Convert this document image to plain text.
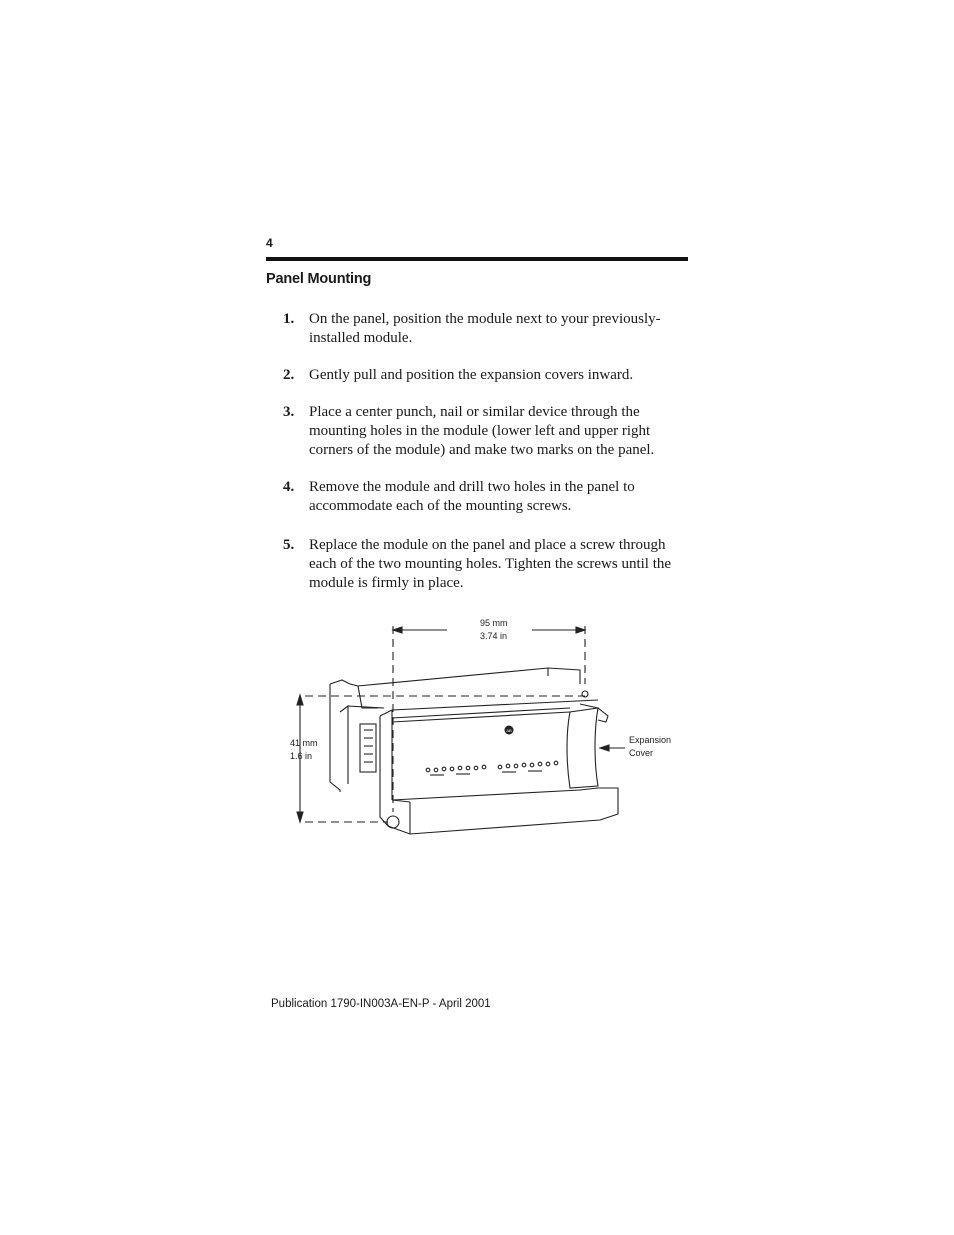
4
Panel Mounting
1. On the panel, position the module next to your previously-installed module.
2. Gently pull and position the expansion covers inward.
3. Place a center punch, nail or similar device through the mounting holes in the module (lower left and upper right corners of the module) and make two marks on the panel.
4. Remove the module and drill two holes in the panel to accommodate each of the mounting screws.
5. Replace the module on the panel and place a screw through each of the two mounting holes. Tighten the screws until the module is firmly in place.
AB
95 mm
3.74 in
41 mm
1.6 in
Expansion
Cover
Publication 1790-IN003A-EN-P - April 2001
